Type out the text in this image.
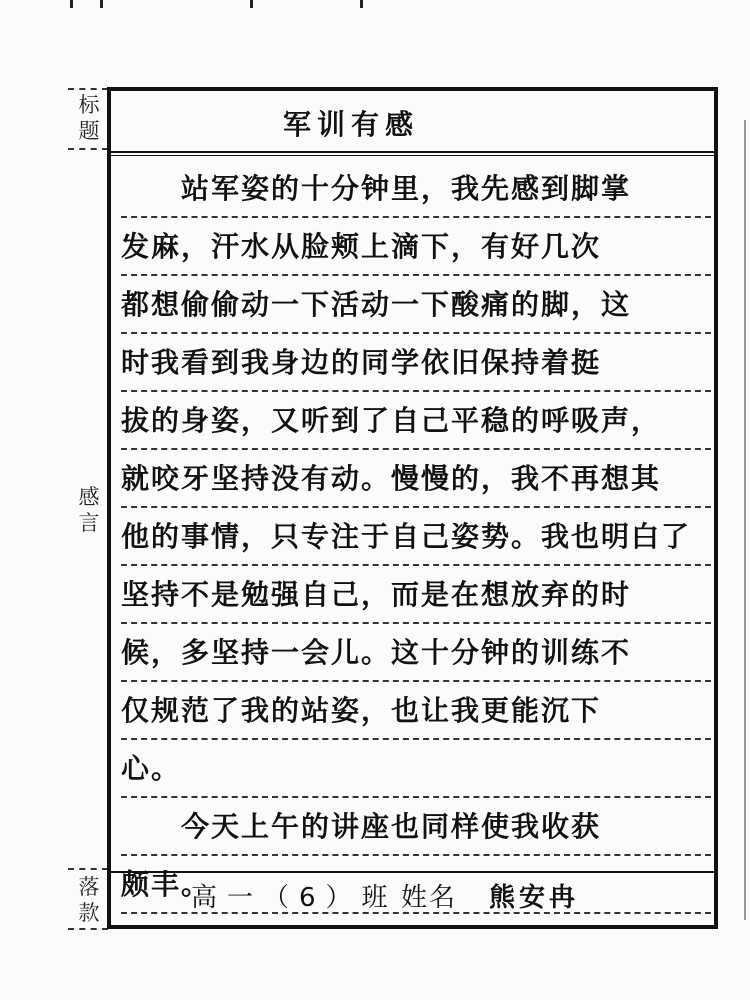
标
题
感
言
落
款
军训有感
　　站军姿的十分钟里，我先感到脚掌
发麻，汗水从脸颊上滴下，有好几次
都想偷偷动一下活动一下酸痛的脚，这
时我看到我身边的同学依旧保持着挺
拔的身姿，又听到了自己平稳的呼吸声，
就咬牙坚持没有动。慢慢的，我不再想其
他的事情，只专注于自己姿势。我也明白了
坚持不是勉强自己，而是在想放弃的时
候，多坚持一会儿。这十分钟的训练不
仅规范了我的站姿，也让我更能沉下
心。
　　今天上午的讲座也同样使我收获
颇丰。
高一（6）班 姓名 熊安冉
